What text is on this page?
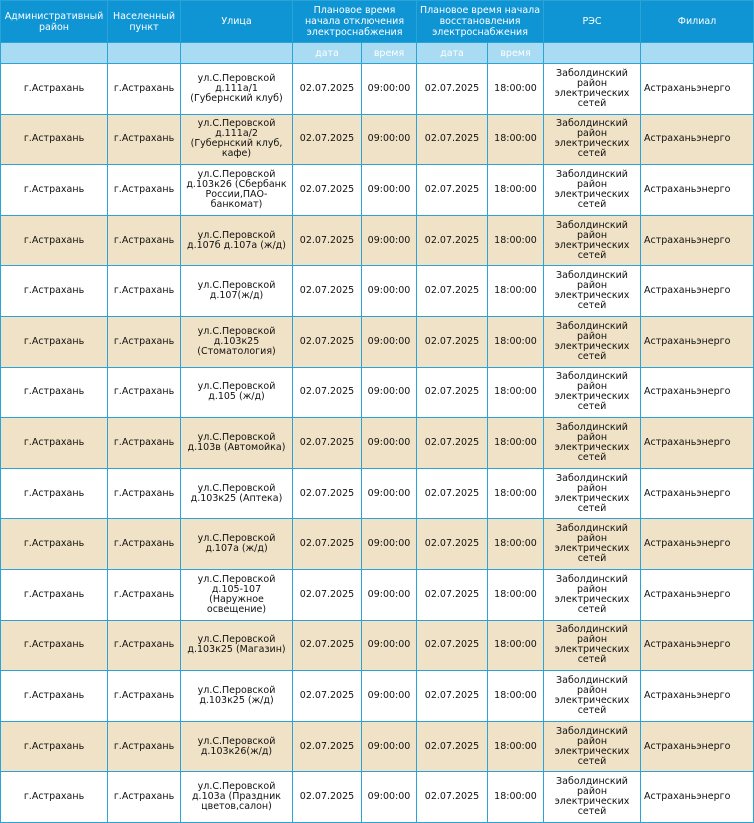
Административный район	Населенный пункт	Улица	Плановое время начала отключения электроснабжения		Плановое время начала восстановления электроснабжения		РЭС	Филиал
			дата	время	дата	время		
г.Астрахань	г.Астрахань	ул.С.Перовской д.111а/1 (Губернский клуб)	02.07.2025	09:00:00	02.07.2025	18:00:00	Заболдинский район электрических сетей	Астраханьэнерго
г.Астрахань	г.Астрахань	ул.С.Перовской д.111а/2 (Губернский клуб, кафе)	02.07.2025	09:00:00	02.07.2025	18:00:00	Заболдинский район электрических сетей	Астраханьэнерго
г.Астрахань	г.Астрахань	ул.С.Перовской д.103к26 (Сбербанк России,ПАО-банкомат)	02.07.2025	09:00:00	02.07.2025	18:00:00	Заболдинский район электрических сетей	Астраханьэнерго
г.Астрахань	г.Астрахань	ул.С.Перовской д.107б д.107а (ж/д)	02.07.2025	09:00:00	02.07.2025	18:00:00	Заболдинский район электрических сетей	Астраханьэнерго
г.Астрахань	г.Астрахань	ул.С.Перовской д.107(ж/д)	02.07.2025	09:00:00	02.07.2025	18:00:00	Заболдинский район электрических сетей	Астраханьэнерго
г.Астрахань	г.Астрахань	ул.С.Перовской д.103к25 (Стоматология)	02.07.2025	09:00:00	02.07.2025	18:00:00	Заболдинский район электрических сетей	Астраханьэнерго
г.Астрахань	г.Астрахань	ул.С.Перовской д.105 (ж/д)	02.07.2025	09:00:00	02.07.2025	18:00:00	Заболдинский район электрических сетей	Астраханьэнерго
г.Астрахань	г.Астрахань	ул.С.Перовской д.103в (Автомойка)	02.07.2025	09:00:00	02.07.2025	18:00:00	Заболдинский район электрических сетей	Астраханьэнерго
г.Астрахань	г.Астрахань	ул.С.Перовской д.103к25 (Аптека)	02.07.2025	09:00:00	02.07.2025	18:00:00	Заболдинский район электрических сетей	Астраханьэнерго
г.Астрахань	г.Астрахань	ул.С.Перовской д.107а (ж/д)	02.07.2025	09:00:00	02.07.2025	18:00:00	Заболдинский район электрических сетей	Астраханьэнерго
г.Астрахань	г.Астрахань	ул.С.Перовской д.105-107 (Наружное освещение)	02.07.2025	09:00:00	02.07.2025	18:00:00	Заболдинский район электрических сетей	Астраханьэнерго
г.Астрахань	г.Астрахань	ул.С.Перовской д.103к25 (Магазин)	02.07.2025	09:00:00	02.07.2025	18:00:00	Заболдинский район электрических сетей	Астраханьэнерго
г.Астрахань	г.Астрахань	ул.С.Перовской д.103к25 (ж/д)	02.07.2025	09:00:00	02.07.2025	18:00:00	Заболдинский район электрических сетей	Астраханьэнерго
г.Астрахань	г.Астрахань	ул.С.Перовской д.103к26(ж/д)	02.07.2025	09:00:00	02.07.2025	18:00:00	Заболдинский район электрических сетей	Астраханьэнерго
г.Астрахань	г.Астрахань	ул.С.Перовской д.103а (Праздник цветов,салон)	02.07.2025	09:00:00	02.07.2025	18:00:00	Заболдинский район электрических сетей	Астраханьэнерго
